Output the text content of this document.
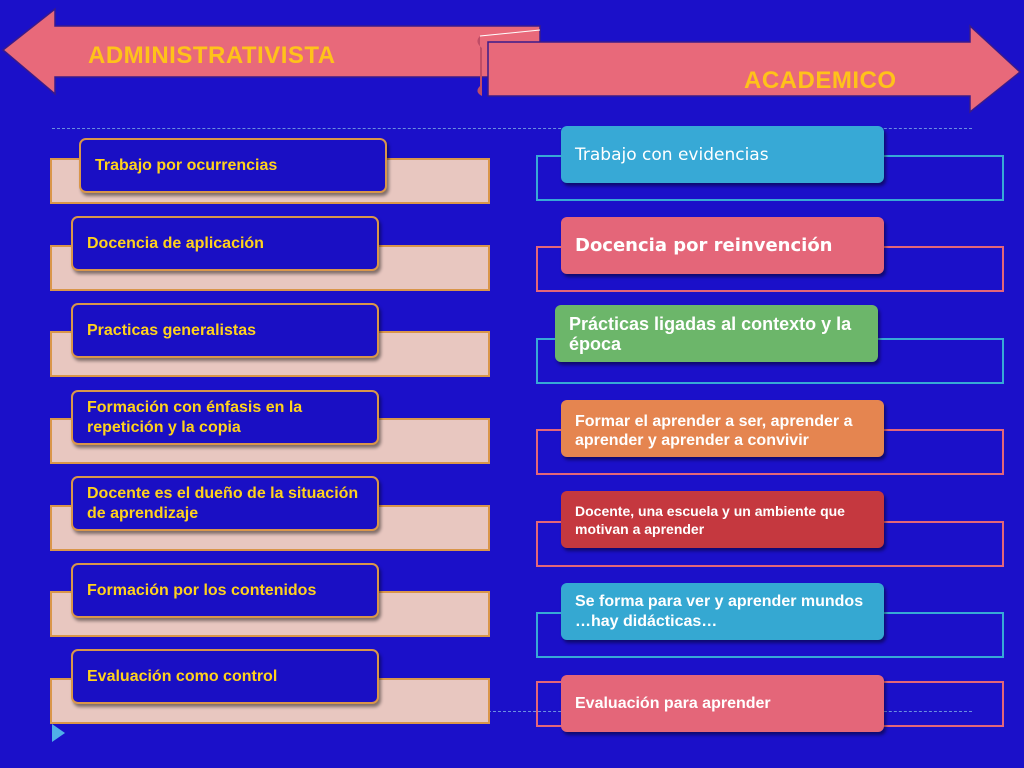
ADMINISTRATIVISTA
ACADEMICO
Trabajo por ocurrencias
Docencia de aplicación
Practicas generalistas
Formación con énfasis en la repetición y la copia
Docente es el dueño de la situación de aprendizaje
Formación por los contenidos
Evaluación como control
Trabajo con evidencias
Docencia por reinvención
Prácticas ligadas al contexto y la época
Formar el aprender a ser, aprender a aprender y aprender a convivir
Docente, una escuela y un ambiente que motivan a aprender
Se forma para ver y aprender mundos …hay didácticas…
Evaluación para aprender
